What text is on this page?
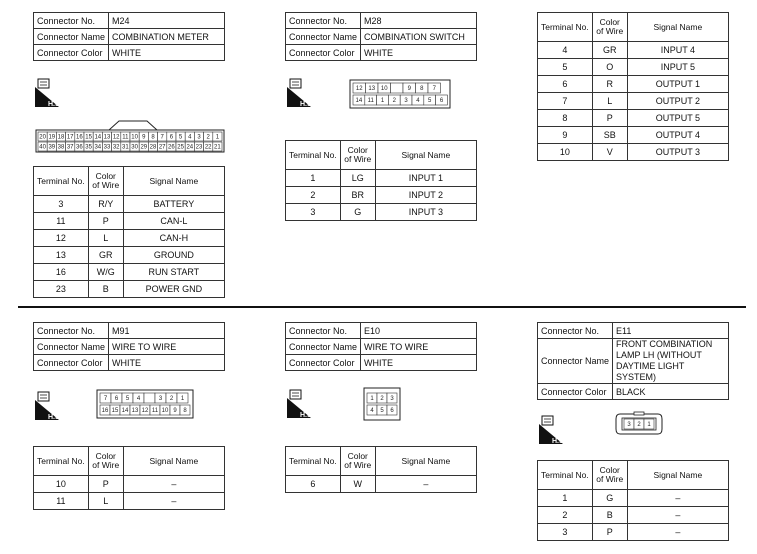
Connector No.	M24
Connector Name	COMBINATION METER
Connector Color	WHITE
H.S.
20 19 18 17 16 15 14 13 12 11 10 9 8 7 6 5 4 3 2 1
40 39 38 37 36 35 34 33 32 31 30 29 28 27 26 25 24 23 22 21
Terminal No.	Color of Wire	Signal Name
3	R/Y	BATTERY
11	P	CAN-L
12	L	CAN-H
13	GR	GROUND
16	W/G	RUN START
23	B	POWER GND
Connector No.	M28
Connector Name	COMBINATION SWITCH
Connector Color	WHITE
H.S.
12 13 10	9 8 7
14 11 1 2 3 4 5 6
Terminal No.	Color of Wire	Signal Name
1	LG	INPUT 1
2	BR	INPUT 2
3	G	INPUT 3
Terminal No.	Color of Wire	Signal Name
4	GR	INPUT 4
5	O	INPUT 5
6	R	OUTPUT 1
7	L	OUTPUT 2
8	P	OUTPUT 5
9	SB	OUTPUT 4
10	V	OUTPUT 3
Connector No.	M91
Connector Name	WIRE TO WIRE
Connector Color	WHITE
H.S.
7 6 5 4	3 2 1
16 15 14 13 12 11 10 9 8
Terminal No.	Color of Wire	Signal Name
10	P	–
11	L	–
Connector No.	E10
Connector Name	WIRE TO WIRE
Connector Color	WHITE
H.S.
1 2 3
4 5 6
Terminal No.	Color of Wire	Signal Name
6	W	–
Connector No.	E11
Connector Name	FRONT COMBINATION LAMP LH (WITHOUT DAYTIME LIGHT SYSTEM)
Connector Color	BLACK
H.S.
3 2 1
Terminal No.	Color of Wire	Signal Name
1	G	–
2	B	–
3	P	–
